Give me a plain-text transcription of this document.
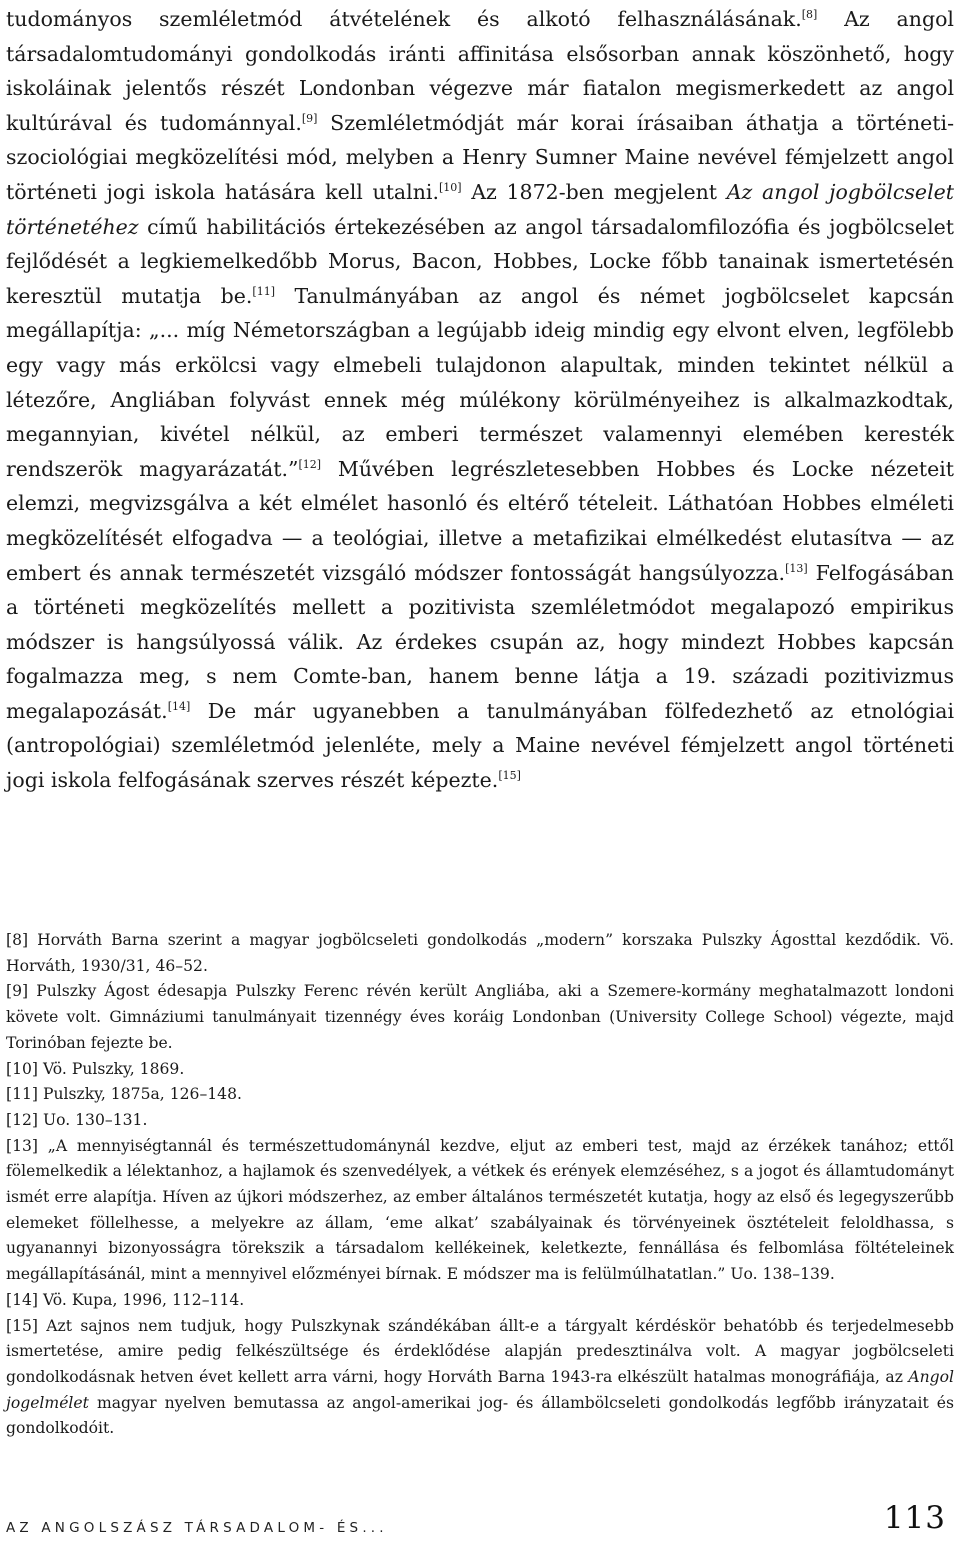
tudományos szemléletmód átvételének és alkotó felhasználásának.[8] Az angol társadalomtudományi gondolkodás iránti affinitása elsősorban annak köszönhető, hogy iskoláinak jelentős részét Londonban végezve már fiatalon megismerkedett az angol kultúrával és tudománnyal.[9] Szemléletmódját már korai írásaiban áthatja a történeti-szociológiai megközelítési mód, melyben a Henry Sumner Maine nevével fémjelzett angol történeti jogi iskola hatására kell utalni.[10] Az 1872-ben megjelent Az angol jogbölcselet történetéhez című habilitációs értekezésében az angol társadalomfilozófia és jogbölcselet fejlődését a legkiemelkedőbb Morus, Bacon, Hobbes, Locke főbb tanainak ismertetésén keresztül mutatja be.[11] Tanulmányában az angol és német jogbölcselet kapcsán megállapítja: „... míg Németországban a legújabb ideig mindig egy elvont elven, legfölebb egy vagy más erkölcsi vagy elmebeli tulajdonon alapultak, minden tekintet nélkül a létezőre, Angliában folyvást ennek még múlékony körülményeihez is alkalmazkodtak, megannyian, kivétel nélkül, az emberi természet valamennyi elemében keresték rendszerök magyarázatát.”[12] Művében legrészletesebben Hobbes és Locke nézeteit elemzi, megvizsgálva a két elmélet hasonló és eltérő tételeit. Láthatóan Hobbes elméleti megközelítését elfogadva — a teológiai, illetve a metafizikai elmélkedést elutasítva — az embert és annak természetét vizsgáló módszer fontosságát hangsúlyozza.[13] Felfogásában a történeti megközelítés mellett a pozitivista szemléletmódot megalapozó empirikus módszer is hangsúlyossá válik. Az érdekes csupán az, hogy mindezt Hobbes kapcsán fogalmazza meg, s nem Comte-ban, hanem benne látja a 19. századi pozitivizmus megalapozását.[14] De már ugyanebben a tanulmányában fölfedezhető az etnológiai (antropológiai) szemléletmód jelenléte, mely a Maine nevével fémjelzett angol történeti jogi iskola felfogásának szerves részét képezte.[15]

[8] Horváth Barna szerint a magyar jogbölcseleti gondolkodás „modern” korszaka Pulszky Ágosttal kezdődik. Vö. Horváth, 1930/31, 46–52.

[9] Pulszky Ágost édesapja Pulszky Ferenc révén került Angliába, aki a Szemere-kormány meghatalmazott londoni követe volt. Gimnáziumi tanulmányait tizennégy éves koráig Londonban (University College School) végezte, majd Torinóban fejezte be.

[10] Vö. Pulszky, 1869.

[11] Pulszky, 1875a, 126–148.

[12] Uo. 130–131.

[13] „A mennyiségtannál és természettudománynál kezdve, eljut az emberi test, majd az érzékek tanához; ettől fölemelkedik a lélektanhoz, a hajlamok és szenvedélyek, a vétkek és erények elemzéséhez, s a jogot és államtudományt ismét erre alapítja. Híven az újkori módszerhez, az ember általános természetét kutatja, hogy az első és legegyszerűbb elemeket föllelhesse, a melyekre az állam, ‘eme alkat’ szabályainak és törvényeinek ösztételeit feloldhassa, s ugyanannyi bizonyosságra törekszik a társadalom kellékeinek, keletkezte, fennállása és felbomlása föltételeinek megállapításánál, mint a mennyivel előzményei bírnak. E módszer ma is felülmúlhatatlan.” Uo. 138–139.

[14] Vö. Kupa, 1996, 112–114.

[15] Azt sajnos nem tudjuk, hogy Pulszkynak szándékában állt-e a tárgyalt kérdéskör behatóbb és terjedelmesebb ismertetése, amire pedig felkészültsége és érdeklődése alapján predesztinálva volt. A magyar jogbölcseleti gondolkodásnak hetven évet kellett arra várni, hogy Horváth Barna 1943-ra elkészült hatalmas monográfiája, az Angol jogelmélet magyar nyelven bemutassa az angol-amerikai jog- és állambölcseleti gondolkodás legfőbb irányzatait és gondolkodóit.

AZ ANGOLSZÁSZ TÁRSADALOM- ÉS...	113
